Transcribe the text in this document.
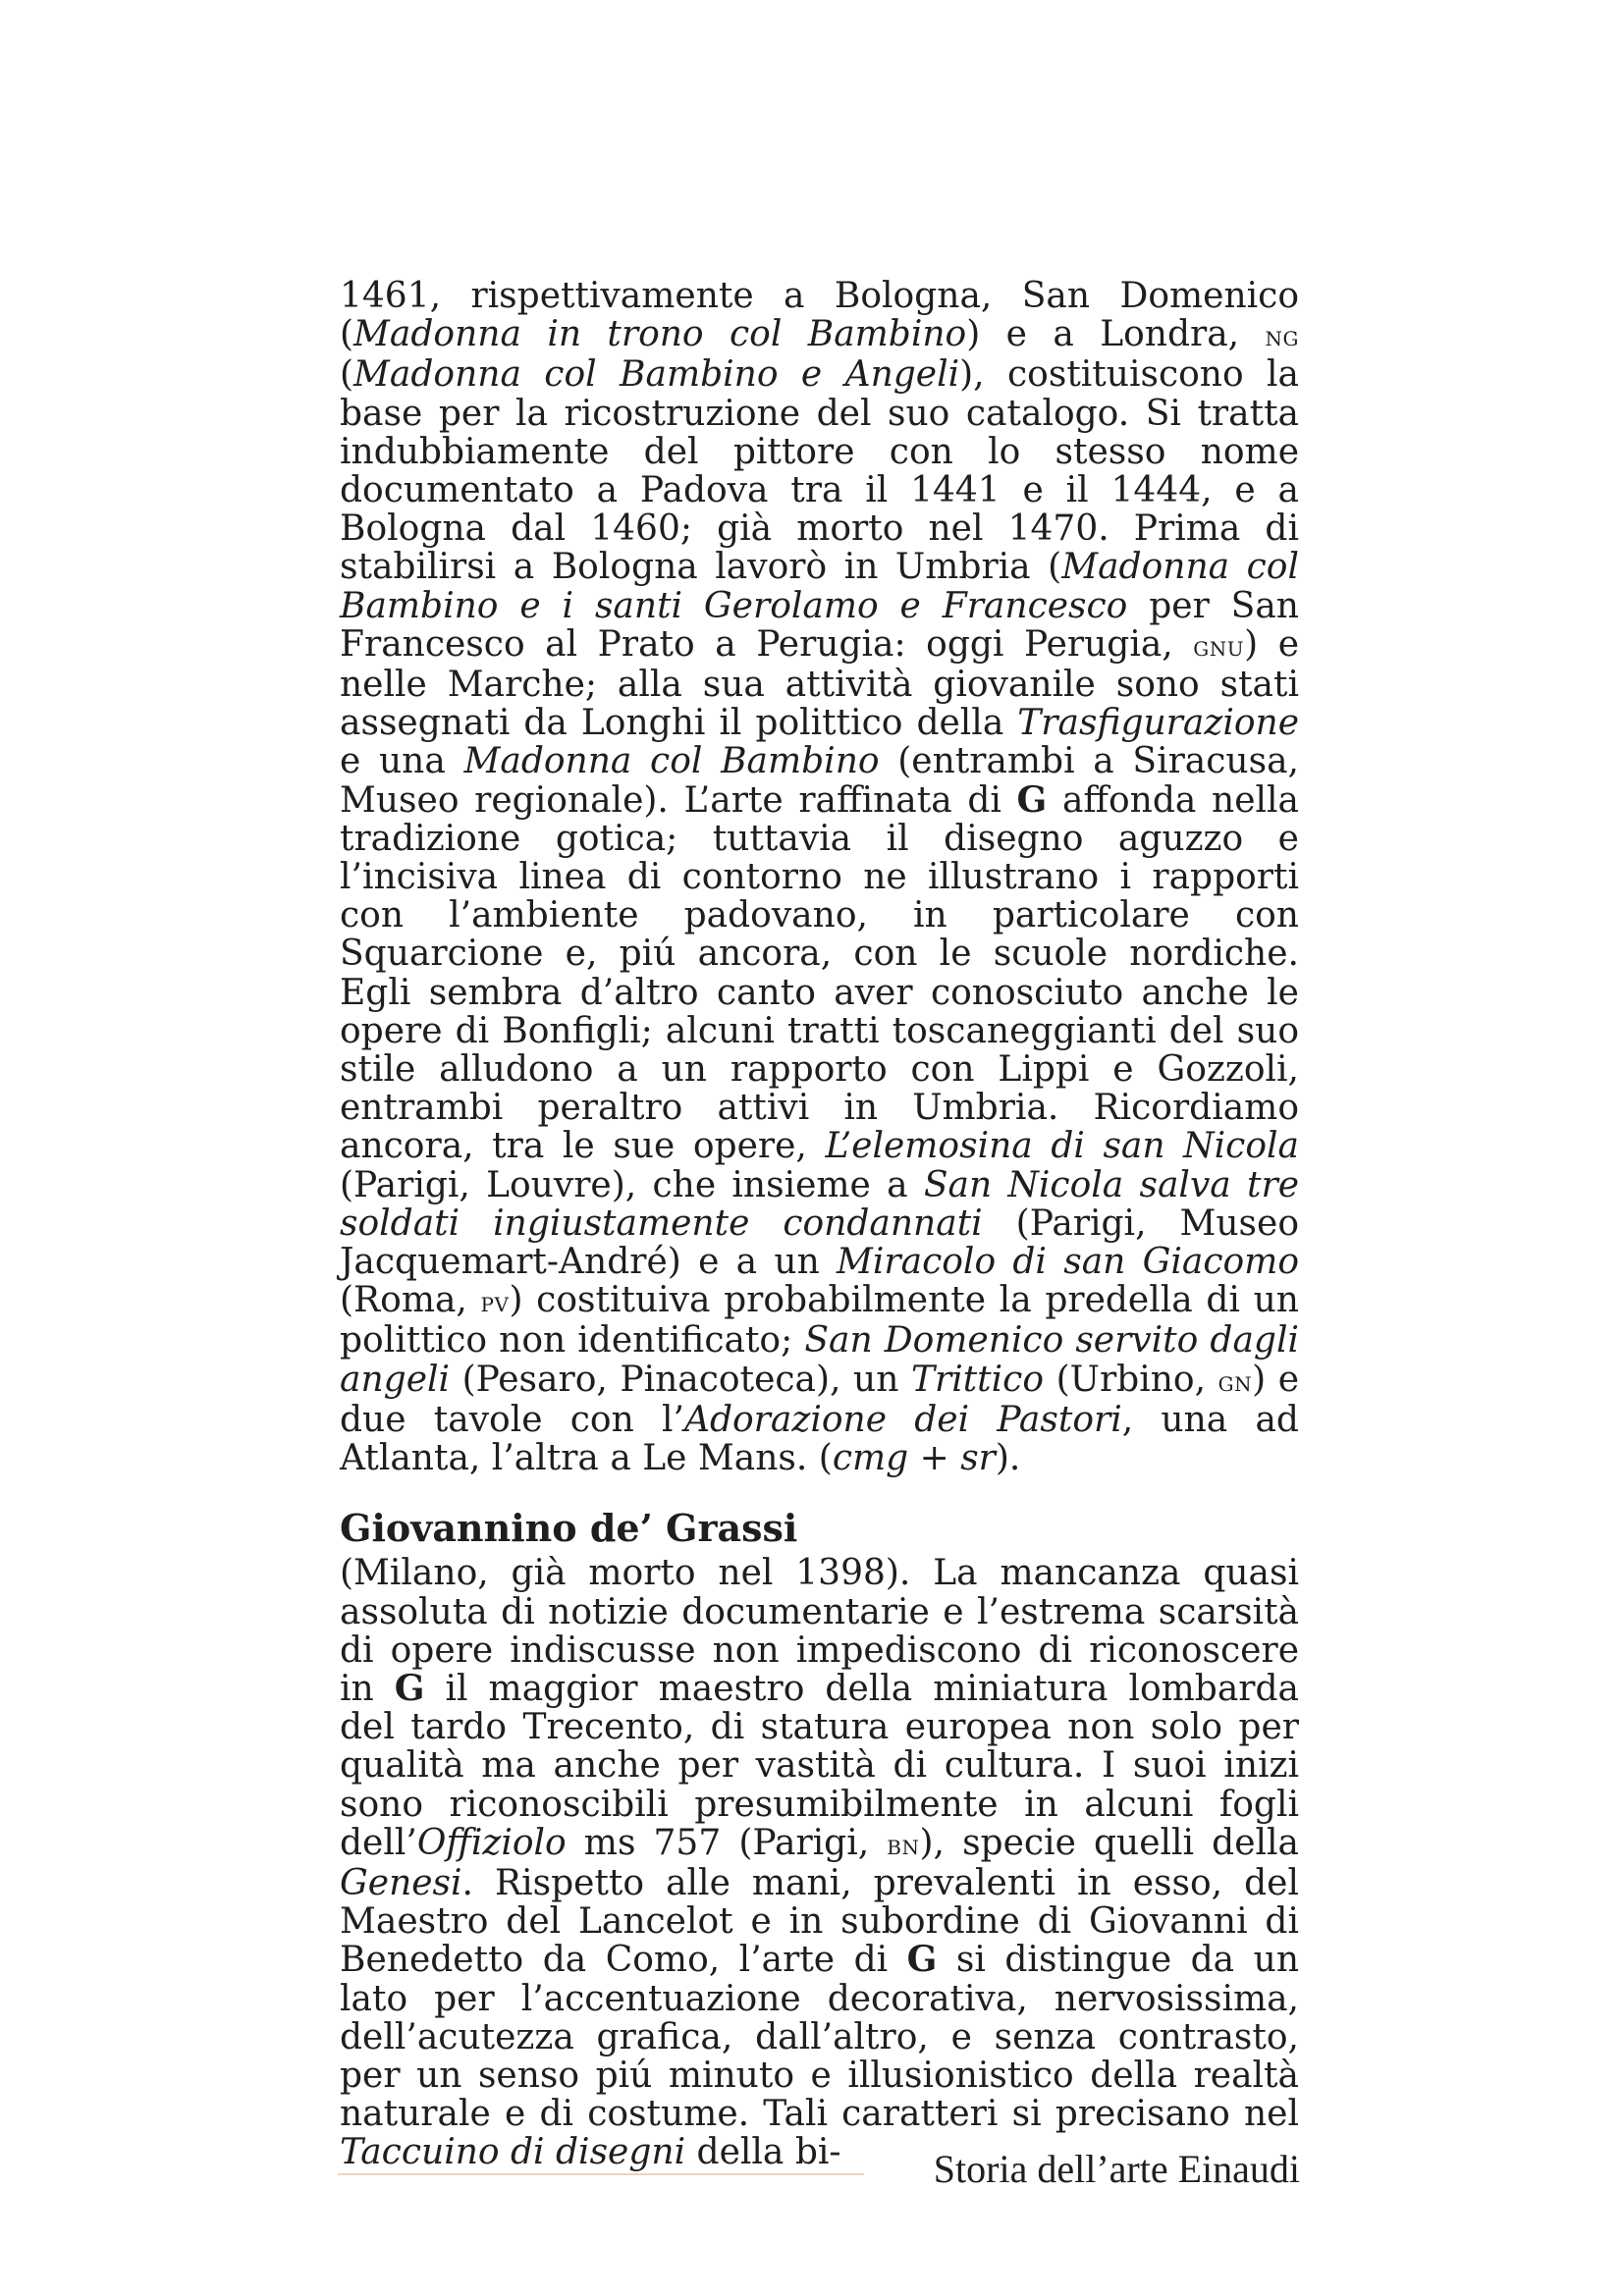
1461, rispettivamente a Bologna, San Domenico (Madonna in trono col Bambino) e a Londra, ng (Madonna col Bambino e Angeli), costituiscono la base per la ricostruzione del suo catalogo. Si tratta indubbiamente del pittore con lo stesso nome documentato a Padova tra il 1441 e il 1444, e a Bologna dal 1460; già morto nel 1470. Prima di stabilirsi a Bologna lavorò in Umbria (Madonna col Bambino e i santi Gerolamo e Francesco per San Francesco al Prato a Perugia: oggi Perugia, gnu) e nelle Marche; alla sua attività giovanile sono stati assegnati da Longhi il polittico della Trasfigurazione e una Madonna col Bambino (entrambi a Siracusa, Museo regionale). L’arte raffinata di G affonda nella tradizione gotica; tuttavia il disegno aguzzo e l’incisiva linea di contorno ne illustrano i rapporti con l’ambiente padovano, in particolare con Squarcione e, piú ancora, con le scuole nordiche. Egli sembra d’altro canto aver conosciuto anche le opere di Bonfigli; alcuni tratti toscaneggianti del suo stile alludono a un rapporto con Lippi e Gozzoli, entrambi peraltro attivi in Umbria. Ricordiamo ancora, tra le sue opere, L’elemosina di san Nicola (Parigi, Louvre), che insieme a San Nicola salva tre soldati ingiustamente condannati (Parigi, Museo Jacquemart-André) e a un Miracolo di san Giacomo (Roma, pv) costituiva probabilmente la predella di un polittico non identificato; San Domenico servito dagli angeli (Pesaro, Pinacoteca), un Trittico (Urbino, gn) e due tavole con l’Adorazione dei Pastori, una ad Atlanta, l’altra a Le Mans. (cmg + sr).

Giovannino de’ Grassi

(Milano, già morto nel 1398). La mancanza quasi assoluta di notizie documentarie e l’estrema scarsità di opere indiscusse non impediscono di riconoscere in G il maggior maestro della miniatura lombarda del tardo Trecento, di statura europea non solo per qualità ma anche per vastità di cultura. I suoi inizi sono riconoscibili presumibilmente in alcuni fogli dell’Offiziolo ms 757 (Parigi, bn), specie quelli della Genesi. Rispetto alle mani, prevalenti in esso, del Maestro del Lancelot e in subordine di Giovanni di Benedetto da Como, l’arte di G si distingue da un lato per l’accentuazione decorativa, nervosissima, dell’acutezza grafica, dall’altro, e senza contrasto, per un senso piú minuto e illusionistico della realtà naturale e di costume. Tali caratteri si precisano nel Taccuino di disegni della bi-	Storia dell’arte Einaudi
